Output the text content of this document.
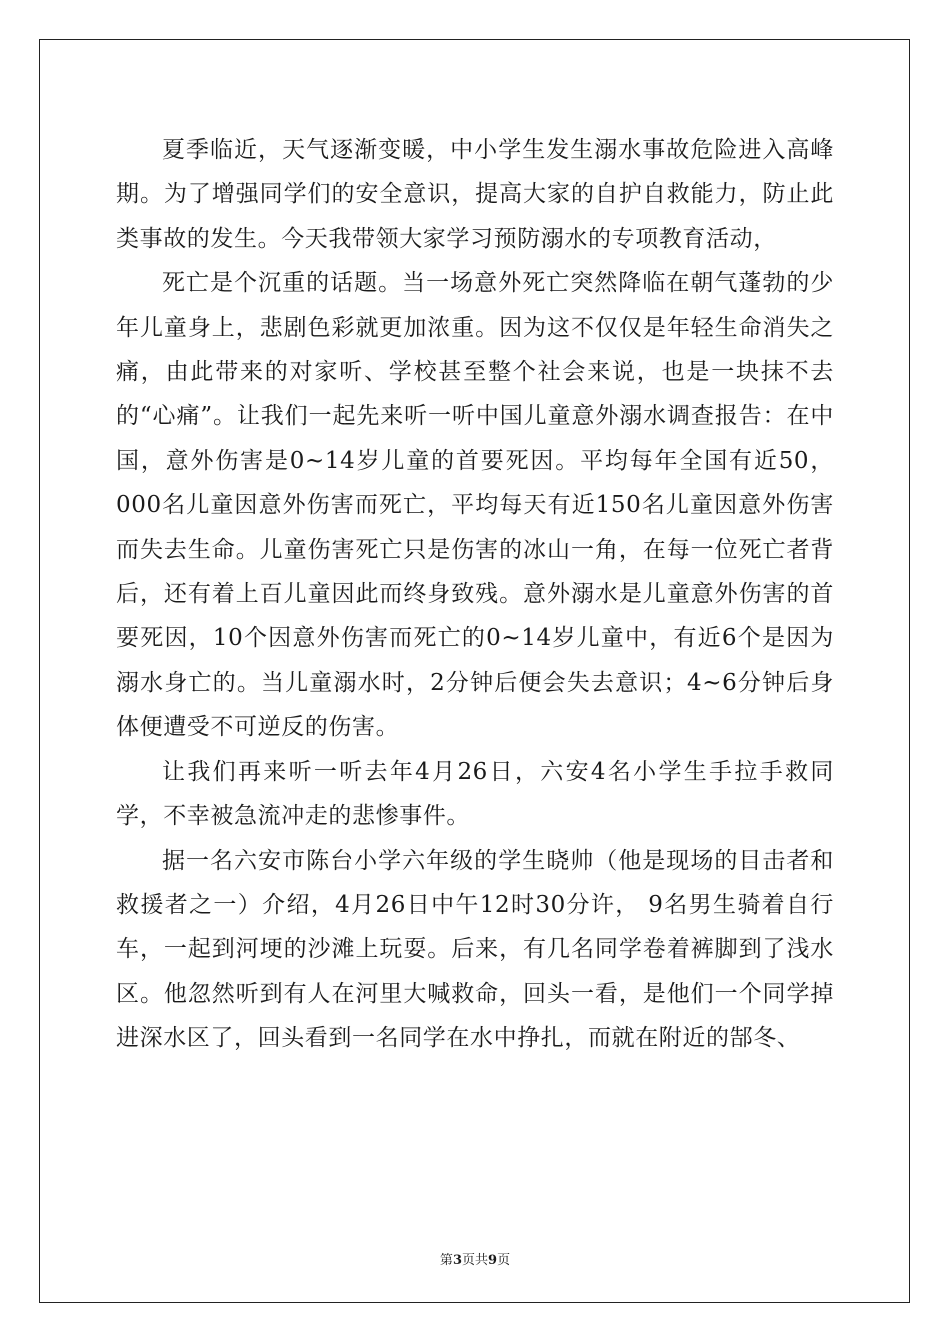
夏季临近，天气逐渐变暖，中小学生发生溺水事故危险进入高峰期。为了增强同学们的安全意识，提高大家的自护自救能力，防止此类事故的发生。今天我带领大家学习预防溺水的专项教育活动，

死亡是个沉重的话题。当一场意外死亡突然降临在朝气蓬勃的少年儿童身上，悲剧色彩就更加浓重。因为这不仅仅是年轻生命消失之痛，由此带来的对家听、学校甚至整个社会来说，也是一块抹不去的“心痛”。让我们一起先来听一听中国儿童意外溺水调查报告：在中国，意外伤害是0~14岁儿童的首要死因。平均每年全国有近50，000名儿童因意外伤害而死亡，平均每天有近150名儿童因意外伤害而失去生命。儿童伤害死亡只是伤害的冰山一角，在每一位死亡者背后，还有着上百儿童因此而终身致残。意外溺水是儿童意外伤害的首要死因，10个因意外伤害而死亡的0~14岁儿童中，有近6个是因为溺水身亡的。当儿童溺水时，2分钟后便会失去意识；4~6分钟后身体便遭受不可逆反的伤害。

让我们再来听一听去年4月26日，六安4名小学生手拉手救同学，不幸被急流冲走的悲惨事件。

据一名六安市陈台小学六年级的学生晓帅（他是现场的目击者和救援者之一）介绍，4月26日中午12时30分许， 9名男生骑着自行车，一起到河埂的沙滩上玩耍。后来，有几名同学卷着裤脚到了浅水区。他忽然听到有人在河里大喊救命，回头一看，是他们一个同学掉进深水区了，回头看到一名同学在水中挣扎，而就在附近的郜冬、

第3页共9页
